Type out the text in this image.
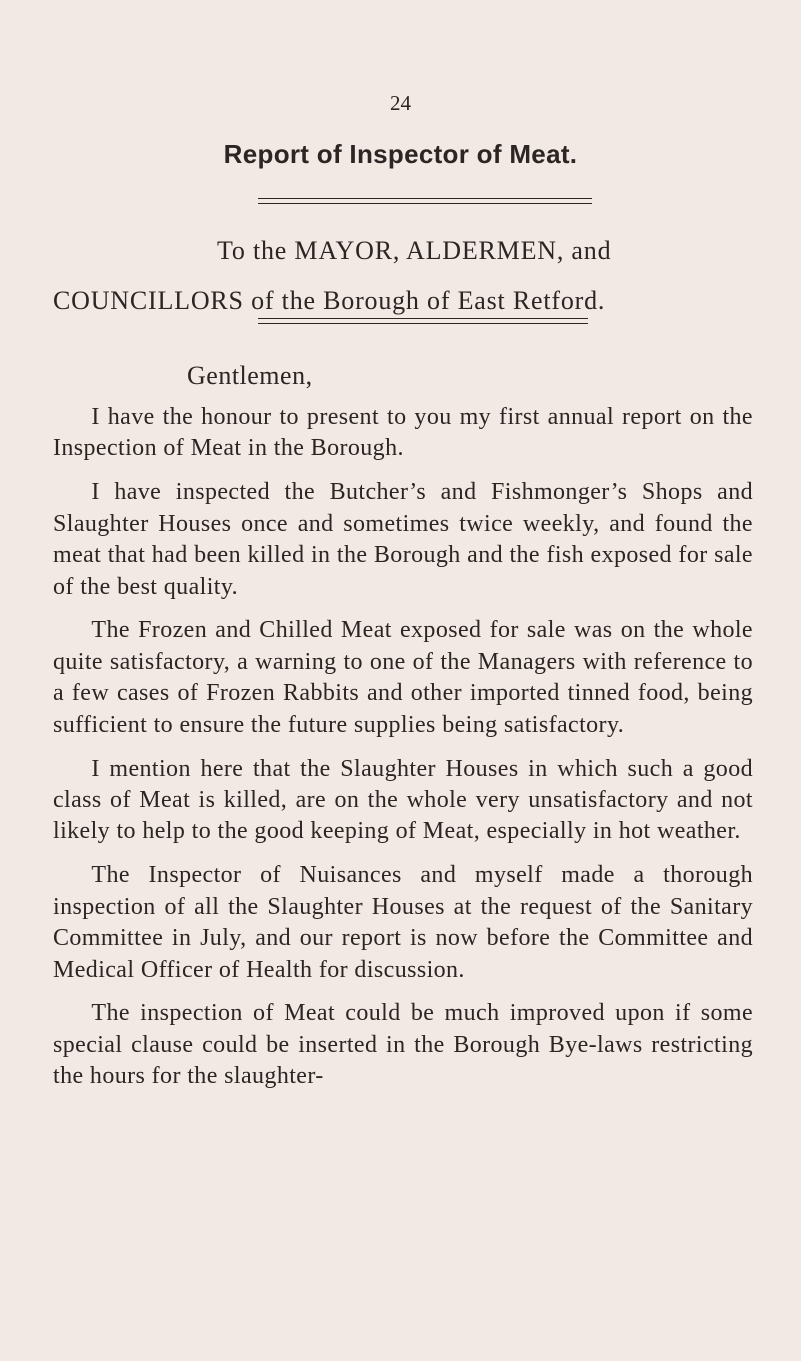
24
Report of Inspector of Meat.
To the MAYOR, ALDERMEN, and
COUNCILLORS of the Borough of East Retford.
Gentlemen,

I have the honour to present to you my first annual report on the Inspection of Meat in the Borough.

I have inspected the Butcher’s and Fishmonger’s Shops and Slaughter Houses once and sometimes twice weekly, and found the meat that had been killed in the Borough and the fish exposed for sale of the best quality.

The Frozen and Chilled Meat exposed for sale was on the whole quite satisfactory, a warning to one of the Managers with reference to a few cases of Frozen Rabbits and other imported tinned food, being sufficient to ensure the future supplies being satisfactory.

I mention here that the Slaughter Houses in which such a good class of Meat is killed, are on the whole very unsatisfactory and not likely to help to the good keeping of Meat, especially in hot weather.

The Inspector of Nuisances and myself made a thorough inspection of all the Slaughter Houses at the request of the Sanitary Committee in July, and our report is now before the Committee and Medical Officer of Health for discussion.

The inspection of Meat could be much improved upon if some special clause could be inserted in the Borough Bye-laws restricting the hours for the slaughter-
